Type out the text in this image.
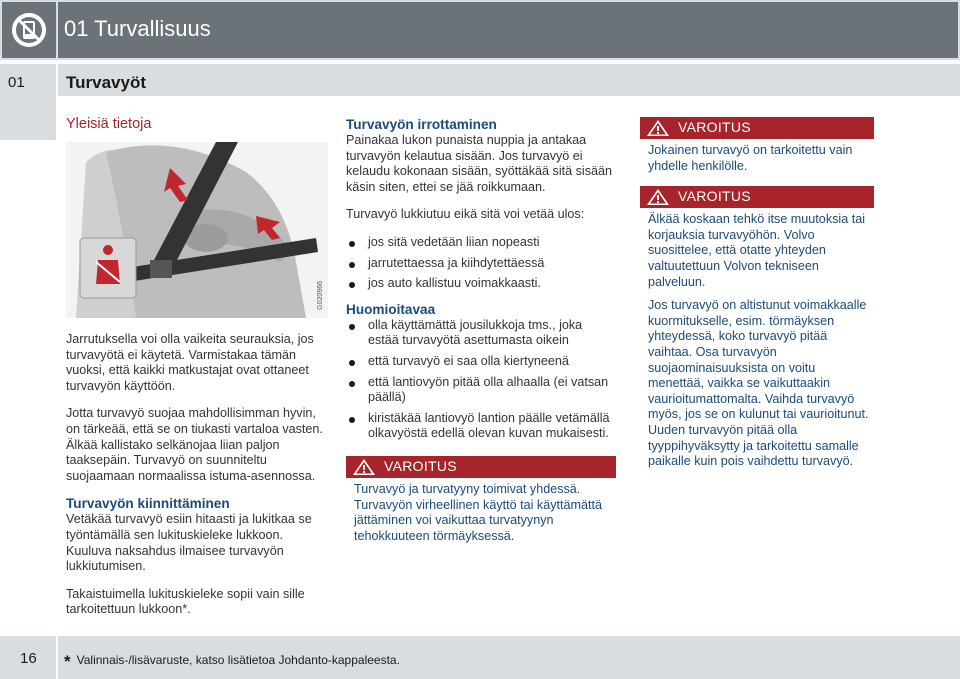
01 Turvallisuus
01 Turvavyöt
Yleisiä tietoja
G020966

Jarrutuksella voi olla vaikeita seurauksia, jos turvavyötä ei käytetä. Varmistakaa tämän vuoksi, että kaikki matkustajat ovat ottaneet turvavyön käyttöön.

Jotta turvavyö suojaa mahdollisimman hyvin, on tärkeää, että se on tiukasti vartaloa vasten. Älkää kallistako selkänojaa liian paljon taaksepäin. Turvavyö on suunniteltu suojaamaan normaalissa istuma-asennossa.

Turvavyön kiinnittäminen

Vetäkää turvavyö esiin hitaasti ja lukitkaa se työntämällä sen lukituskieleke lukkoon. Kuuluva naksahdus ilmaisee turvavyön lukkiutumisen.

Takaistuimella lukituskieleke sopii vain sille tarkoitettuun lukkoon*.

Turvavyön irrottaminen

Painakaa lukon punaista nuppia ja antakaa turvavyön kelautua sisään. Jos turvavyö ei kelaudu kokonaan sisään, syöttäkää sitä sisään käsin siten, ettei se jää roikkumaan.

Turvavyö lukkiutuu eikä sitä voi vetää ulos:

jos sitä vedetään liian nopeasti
jarrutettaessa ja kiihdytettäessä
jos auto kallistuu voimakkaasti.

Huomioitavaa

olla käyttämättä jousilukkoja tms., joka estää turvavyötä asettumasta oikein
että turvavyö ei saa olla kiertyneenä
että lantiovyön pitää olla alhaalla (ei vatsan päällä)
kiristäkää lantiovyö lantion päälle vetämällä olkavyöstä edellä olevan kuvan mukaisesti.
VAROITUS

Turvavyö ja turvatyyny toimivat yhdessä. Turvavyön virheellinen käyttö tai käyttämättä jättäminen voi vaikuttaa turvatyynyn tehokkuuteen törmäyksessä.

VAROITUS

Jokainen turvavyö on tarkoitettu vain yhdelle henkilölle.

VAROITUS

Älkää koskaan tehkö itse muutoksia tai korjauksia turvavyöhön. Volvo suosittelee, että otatte yhteyden valtuutettuun Volvon tekniseen palveluun.

Jos turvavyö on altistunut voimakkaalle kuormitukselle, esim. törmäyksen yhteydessä, koko turvavyö pitää vaihtaa. Osa turvavyön suojaominaisuuksista on voitu menettää, vaikka se vaikuttaakin vaurioitumattomalta. Vaihda turvavyö myös, jos se on kulunut tai vaurioitunut. Uuden turvavyön pitää olla tyyppihyväksytty ja tarkoitettu samalle paikalle kuin pois vaihdettu turvavyö.

16 * Valinnais-/lisävaruste, katso lisätietoa Johdanto-kappaleesta.
